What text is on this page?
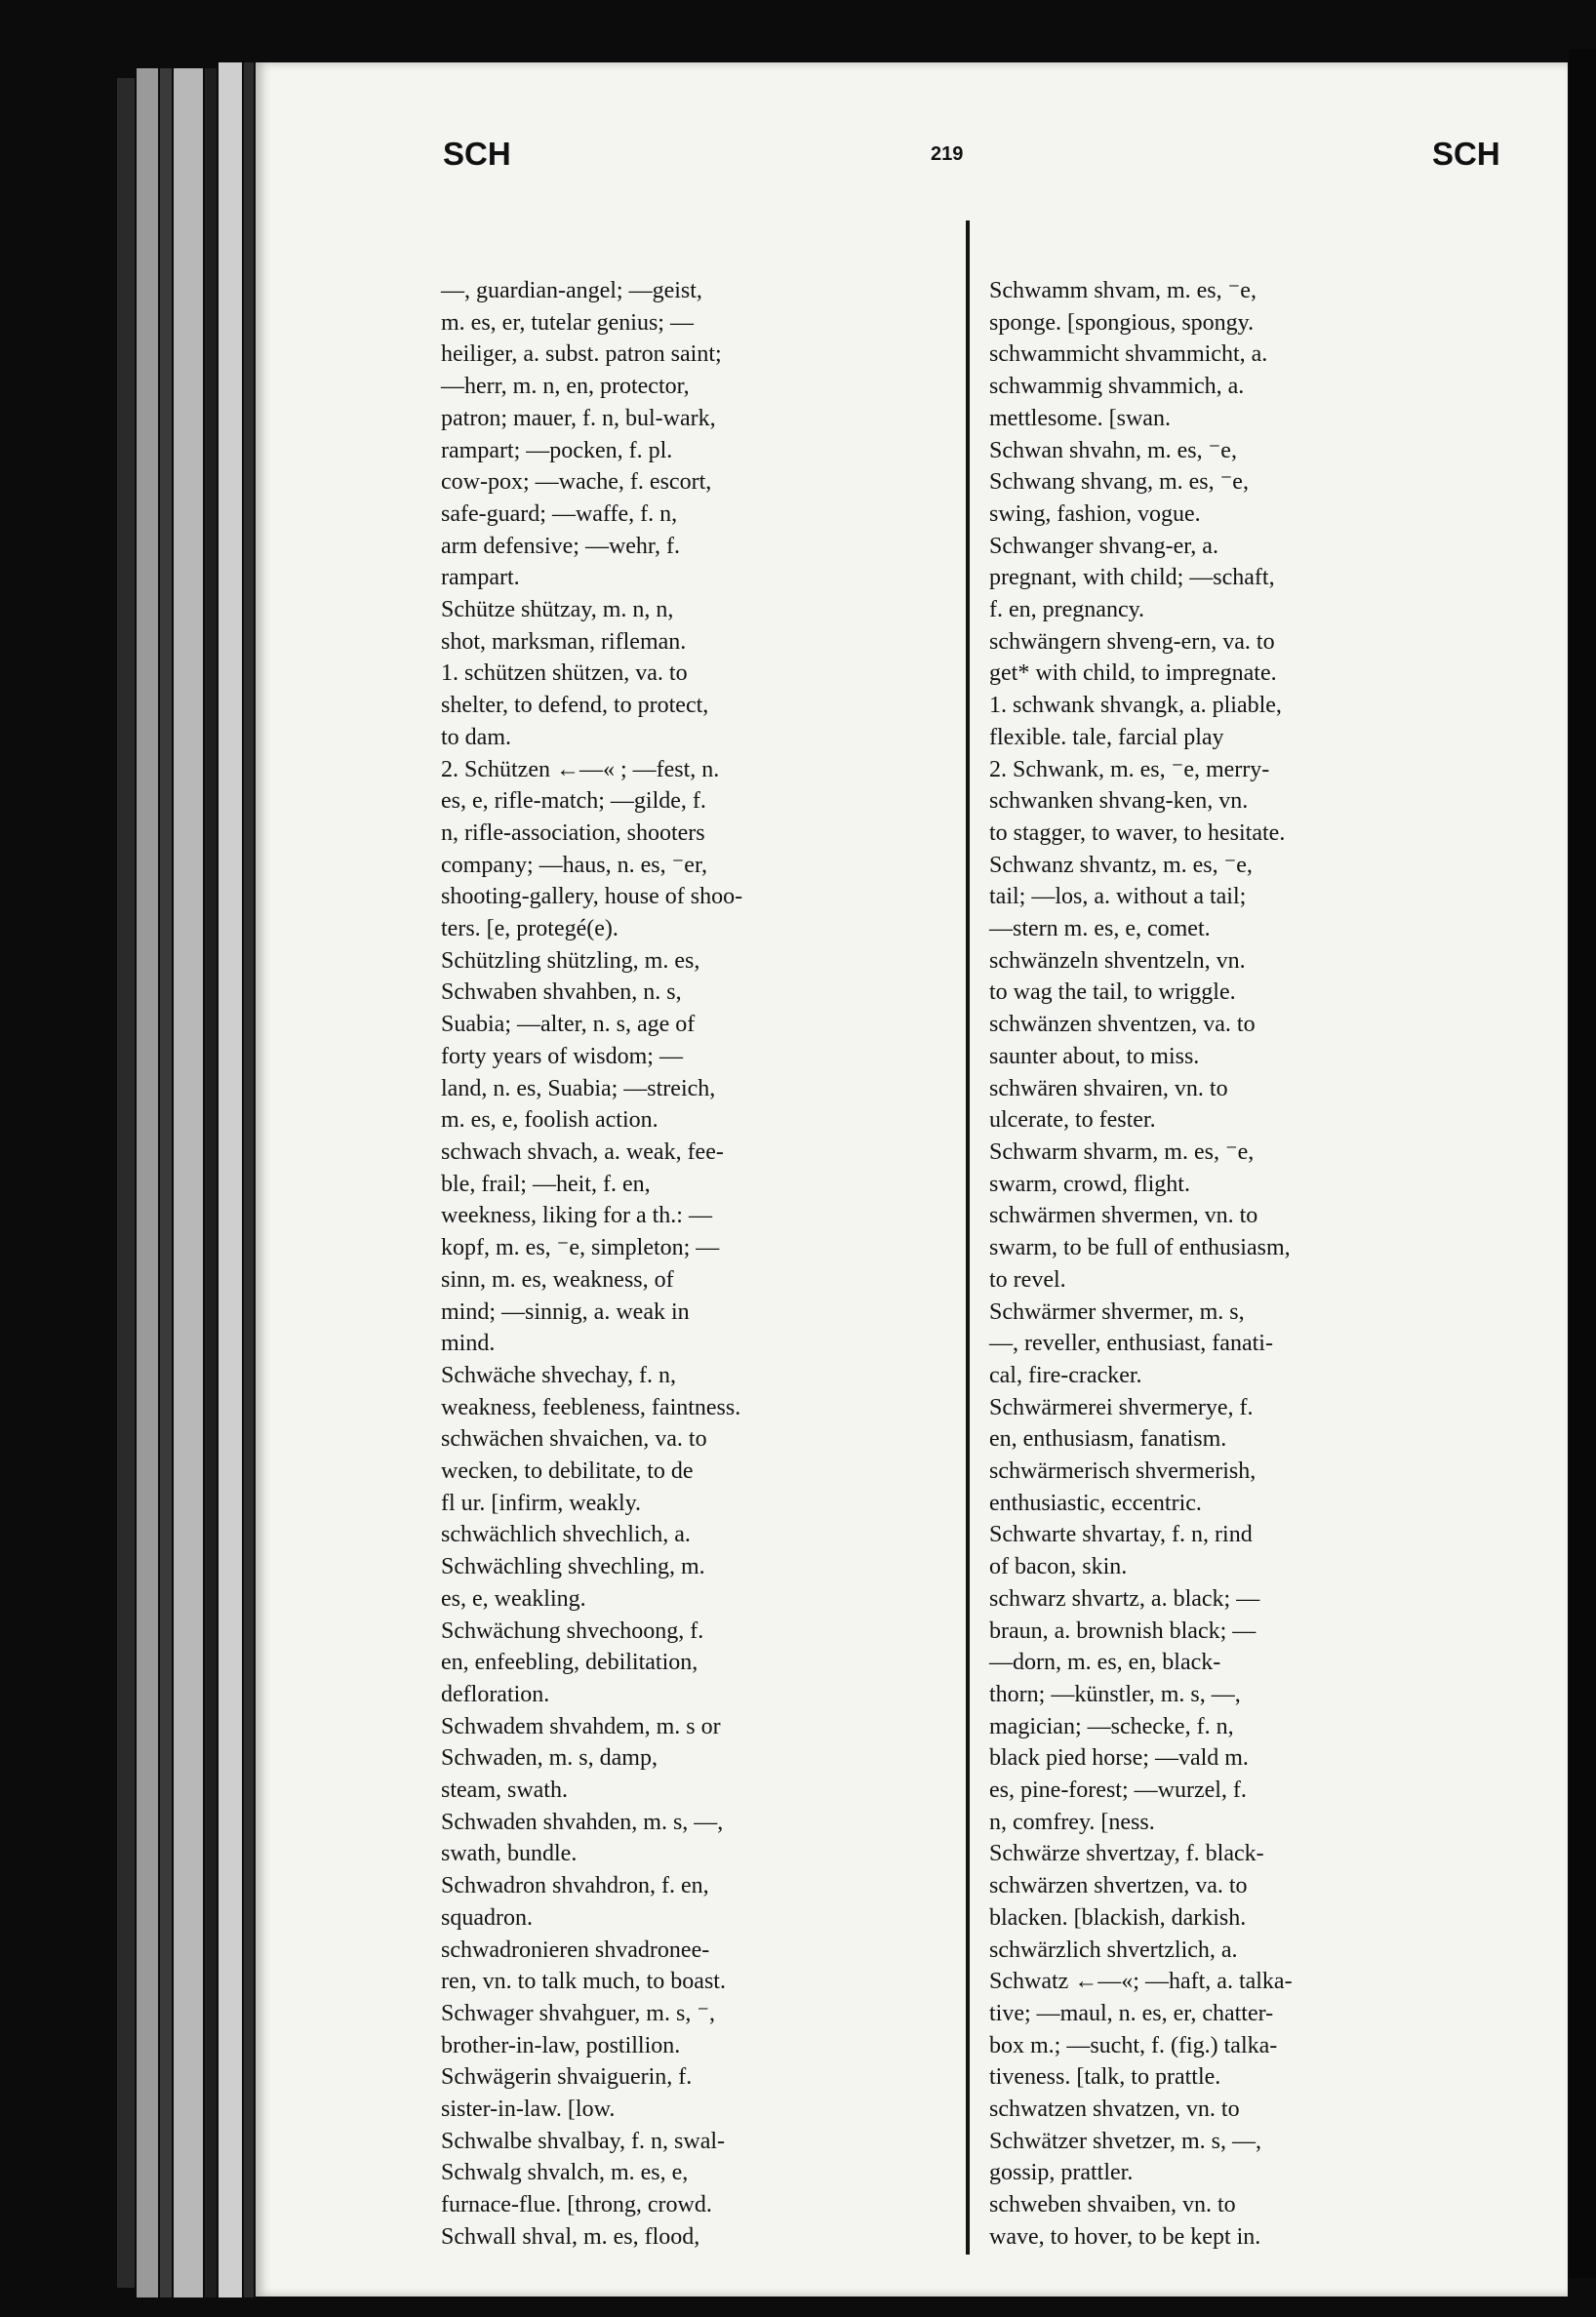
SCH	219	SCH
—, guardian-angel; —geist,
m. es, er, tutelar genius; —
heiliger, a. subst. patron saint;
—herr, m. n, en, protector,
patron; mauer, f. n, bul-wark,
rampart; —pocken, f. pl.
cow-pox; —wache, f. escort,
safe-guard; —waffe, f. n,
arm defensive; —wehr, f.
rampart.
Schütze shützay, m. n, n,
shot, marksman, rifleman.
1. schützen shützen, va. to
shelter, to defend, to protect,
to dam.
2. Schützen ←—« ; —fest, n.
es, e, rifle-match; —gilde, f.
n, rifle-association, shooters
company; —haus, n. es, ⁻er,
shooting-gallery, house of shoo-
ters. [e, protegé(e).
Schützling shützling, m. es,
Schwaben shvahben, n. s,
Suabia; —alter, n. s, age of
forty years of wisdom; —
land, n. es, Suabia; —streich,
m. es, e, foolish action.
schwach shvach, a. weak, fee-
ble, frail; —heit, f. en,
weekness, liking for a th.: —
kopf, m. es, ⁻e, simpleton; —
sinn, m. es, weakness, of
mind; —sinnig, a. weak in
mind.
Schwäche shvechay, f. n,
weakness, feebleness, faintness.
schwächen shvaichen, va. to
wecken, to debilitate, to de
fl ur. [infirm, weakly.
schwächlich shvechlich, a.
Schwächling shvechling, m.
es, e, weakling.
Schwächung shvechoong, f.
en, enfeebling, debilitation,
defloration.
Schwadem shvahdem, m. s or
Schwaden, m. s, damp,
steam, swath.
Schwaden shvahden, m. s, —,
swath, bundle.
Schwadron shvahdron, f. en,
squadron.
schwadronieren shvadronee-
ren, vn. to talk much, to boast.
Schwager shvahguer, m. s, ⁻,
brother-in-law, postillion.
Schwägerin shvaiguerin, f.
sister-in-law. [low.
Schwalbe shvalbay, f. n, swal-
Schwalg shvalch, m. es, e,
furnace-flue. [throng, crowd.
Schwall shval, m. es, flood,
Schwamm shvam, m. es, ⁻e,
sponge. [spongious, spongy.
schwammicht shvammicht, a.
schwammig shvammich, a.
mettlesome. [swan.
Schwan shvahn, m. es, ⁻e,
Schwang shvang, m. es, ⁻e,
swing, fashion, vogue.
Schwanger shvang-er, a.
pregnant, with child; —schaft,
f. en, pregnancy.
schwängern shveng-ern, va. to
get* with child, to impregnate.
1. schwank shvangk, a. pliable,
flexible. tale, farcial play
2. Schwank, m. es, ⁻e, merry-
schwanken shvang-ken, vn.
to stagger, to waver, to hesitate.
Schwanz shvantz, m. es, ⁻e,
tail; —los, a. without a tail;
—stern m. es, e, comet.
schwänzeln shventzeln, vn.
to wag the tail, to wriggle.
schwänzen shventzen, va. to
saunter about, to miss.
schwären shvairen, vn. to
ulcerate, to fester.
Schwarm shvarm, m. es, ⁻e,
swarm, crowd, flight.
schwärmen shvermen, vn. to
swarm, to be full of enthusiasm,
to revel.
Schwärmer shvermer, m. s,
—, reveller, enthusiast, fanati-
cal, fire-cracker.
Schwärmerei shvermerye, f.
en, enthusiasm, fanatism.
schwärmerisch shvermerish,
enthusiastic, eccentric.
Schwarte shvartay, f. n, rind
of bacon, skin.
schwarz shvartz, a. black; —
braun, a. brownish black; —
—dorn, m. es, en, black-
thorn; —künstler, m. s, —,
magician; —schecke, f. n,
black pied horse; —vald m.
es, pine-forest; —wurzel, f.
n, comfrey. [ness.
Schwärze shvertzay, f. black-
schwärzen shvertzen, va. to
blacken. [blackish, darkish.
schwärzlich shvertzlich, a.
Schwatz ←—«; —haft, a. talka-
tive; —maul, n. es, er, chatter-
box m.; —sucht, f. (fig.) talka-
tiveness. [talk, to prattle.
schwatzen shvatzen, vn. to
Schwätzer shvetzer, m. s, —,
gossip, prattler.
schweben shvaiben, vn. to
wave, to hover, to be kept in.
